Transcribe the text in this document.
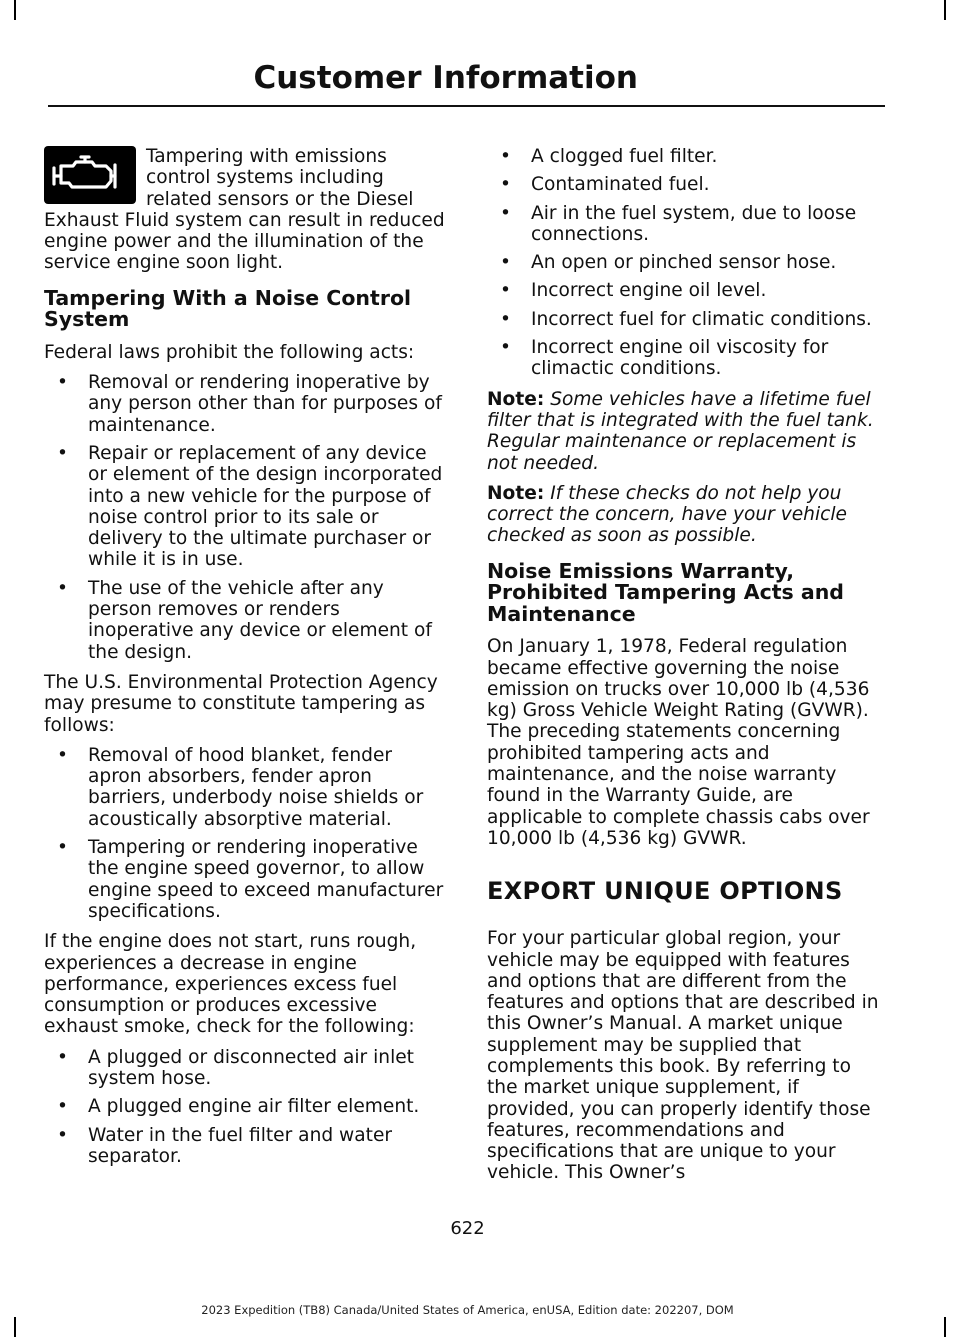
Customer Information

Tampering with emissions control systems including related sensors or the Diesel Exhaust Fluid system can result in reduced engine power and the illumination of the service engine soon light.

Tampering With a Noise Control System

Federal laws prohibit the following acts:

• Removal or rendering inoperative by any person other than for purposes of maintenance.
• Repair or replacement of any device or element of the design incorporated into a new vehicle for the purpose of noise control prior to its sale or delivery to the ultimate purchaser or while it is in use.
• The use of the vehicle after any person removes or renders inoperative any device or element of the design.

The U.S. Environmental Protection Agency may presume to constitute tampering as follows:

• Removal of hood blanket, fender apron absorbers, fender apron barriers, underbody noise shields or acoustically absorptive material.
• Tampering or rendering inoperative the engine speed governor, to allow engine speed to exceed manufacturer specifications.

If the engine does not start, runs rough, experiences a decrease in engine performance, experiences excess fuel consumption or produces excessive exhaust smoke, check for the following:

• A plugged or disconnected air inlet system hose.
• A plugged engine air filter element.
• Water in the fuel filter and water separator.
• A clogged fuel filter.
• Contaminated fuel.
• Air in the fuel system, due to loose connections.
• An open or pinched sensor hose.
• Incorrect engine oil level.
• Incorrect fuel for climatic conditions.
• Incorrect engine oil viscosity for climactic conditions.

Note: Some vehicles have a lifetime fuel filter that is integrated with the fuel tank. Regular maintenance or replacement is not needed.

Note: If these checks do not help you correct the concern, have your vehicle checked as soon as possible.

Noise Emissions Warranty, Prohibited Tampering Acts and Maintenance

On January 1, 1978, Federal regulation became effective governing the noise emission on trucks over 10,000 lb (4,536 kg) Gross Vehicle Weight Rating (GVWR). The preceding statements concerning prohibited tampering acts and maintenance, and the noise warranty found in the Warranty Guide, are applicable to complete chassis cabs over 10,000 lb (4,536 kg) GVWR.

EXPORT UNIQUE OPTIONS

For your particular global region, your vehicle may be equipped with features and options that are different from the features and options that are described in this Owner’s Manual. A market unique supplement may be supplied that complements this book. By referring to the market unique supplement, if provided, you can properly identify those features, recommendations and specifications that are unique to your vehicle. This Owner’s

622
2023 Expedition (TB8) Canada/United States of America, enUSA, Edition date: 202207, DOM
